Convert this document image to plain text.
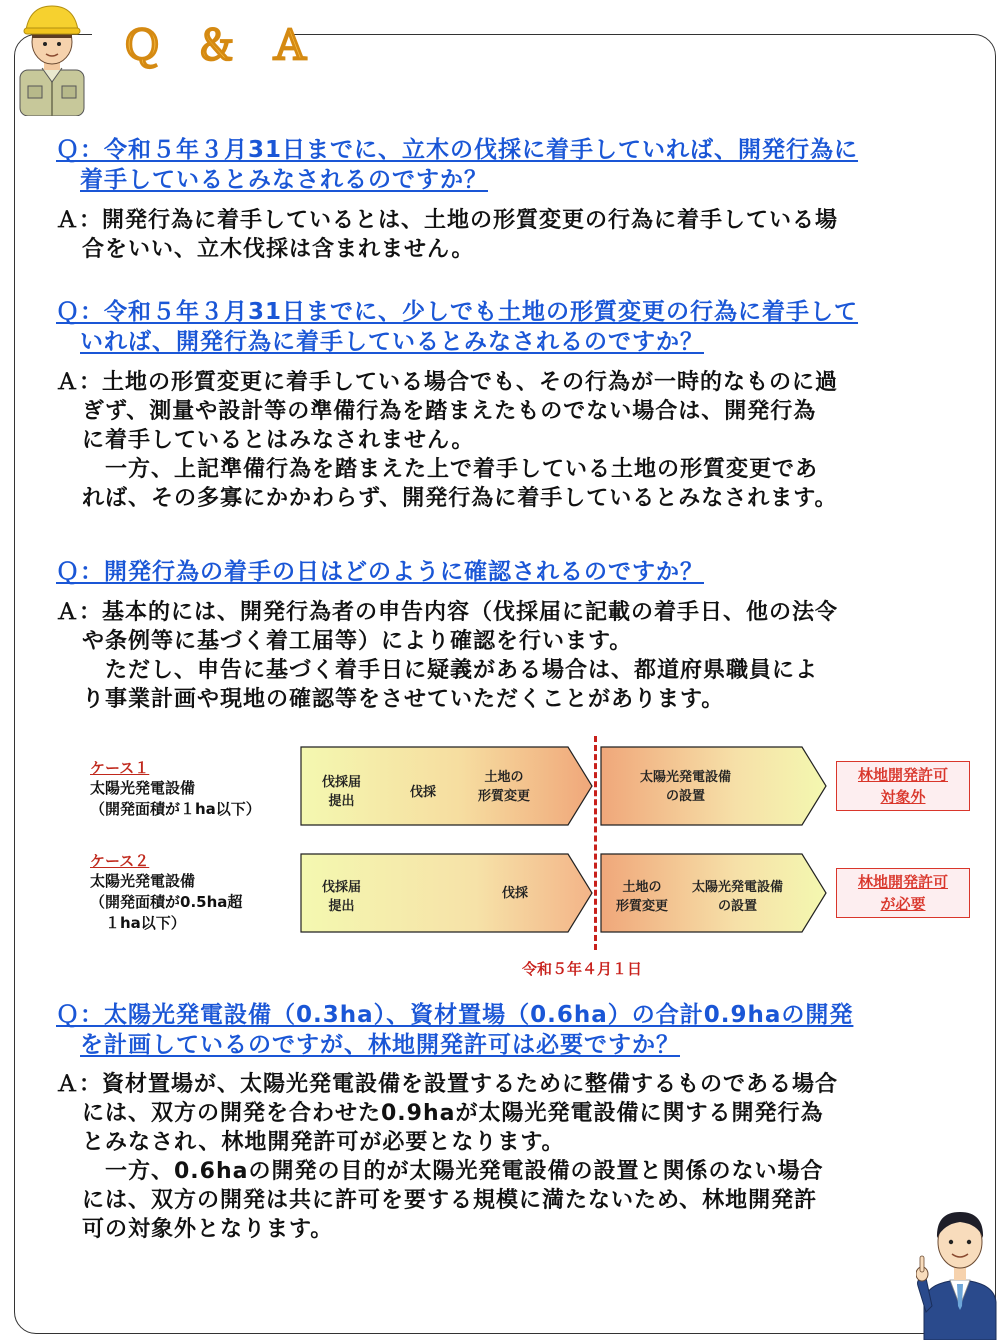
Ｑ ＆ Ａ
Ｑ：令和５年３月31日までに、立木の伐採に着手していれば、開発行為に
着手しているとみなされるのですか？
Ａ：開発行為に着手しているとは、土地の形質変更の行為に着手している場
合をいい、立木伐採は含まれません。
Ｑ：令和５年３月31日までに、少しでも土地の形質変更の行為に着手して
いれば、開発行為に着手しているとみなされるのですか？
Ａ：土地の形質変更に着手している場合でも、その行為が一時的なものに過
ぎず、測量や設計等の準備行為を踏まえたものでない場合は、開発行為
に着手しているとはみなされません。
　一方、上記準備行為を踏まえた上で着手している土地の形質変更であ
れば、その多寡にかかわらず、開発行為に着手しているとみなされます。
Ｑ：開発行為の着手の日はどのように確認されるのですか？
Ａ：基本的には、開発行為者の申告内容（伐採届に記載の着手日、他の法令
や条例等に基づく着工届等）により確認を行います。
　ただし、申告に基づく着手日に疑義がある場合は、都道府県職員によ
り事業計画や現地の確認等をさせていただくことがあります。
ケース１
太陽光発電設備
（開発面積が１ha以下）
伐採届
提出
伐採
土地の
形質変更
太陽光発電設備
の設置
林地開発許可
対象外
ケース２
太陽光発電設備
（開発面積が0.5ha超
　１ha以下）
伐採届
提出
伐採	土地の
形質変更
太陽光発電設備
の設置
林地開発許可
が必要
令和５年４月１日
Ｑ：太陽光発電設備（0.3ha）、資材置場（0.6ha）の合計0.9haの開発
を計画しているのですが、林地開発許可は必要ですか？
Ａ：資材置場が、太陽光発電設備を設置するために整備するものである場合
には、双方の開発を合わせた0.9haが太陽光発電設備に関する開発行為
とみなされ、林地開発許可が必要となります。
　一方、0.6haの開発の目的が太陽光発電設備の設置と関係のない場合
には、双方の開発は共に許可を要する規模に満たないため、林地開発許
可の対象外となります。
